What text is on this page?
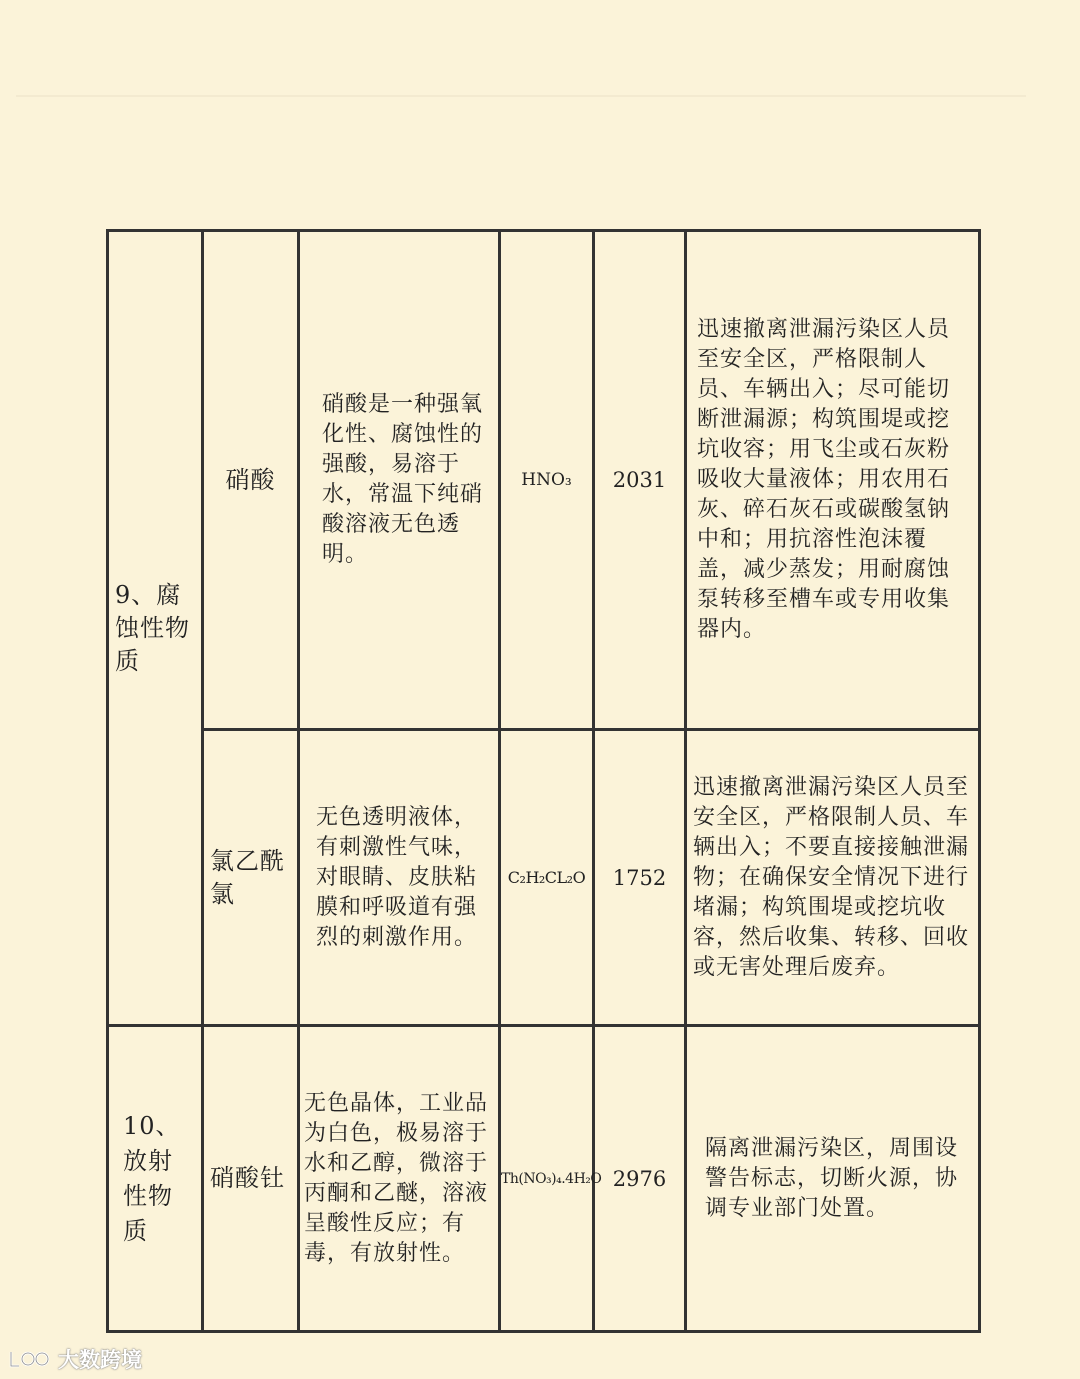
9、腐蚀性物质	硝酸	硝酸是一种强氧化性、腐蚀性的强酸，易溶于水，常温下纯硝酸溶液无色透明。	HNO₃	2031	迅速撤离泄漏污染区人员至安全区，严格限制人员、车辆出入；尽可能切断泄漏源；构筑围堤或挖坑收容；用飞尘或石灰粉吸收大量液体；用农用石灰、碎石灰石或碳酸氢钠中和；用抗溶性泡沫覆盖，减少蒸发；用耐腐蚀泵转移至槽车或专用收集器内。

	氯乙酰氯	无色透明液体，有刺激性气味，对眼睛、皮肤粘膜和呼吸道有强烈的刺激作用。	C₂H₂CL₂O	1752	迅速撤离泄漏污染区人员至安全区，严格限制人员、车辆出入；不要直接接触泄漏物；在确保安全情况下进行堵漏；构筑围堤或挖坑收容，然后收集、转移、回收或无害处理后废弃。

10、放射性物质	硝酸钍	无色晶体，工业品为白色，极易溶于水和乙醇，微溶于丙酮和乙醚，溶液呈酸性反应；有毒，有放射性。	Th(NO₃)₄.4H₂O	2976	隔离泄漏污染区，周围设警告标志，切断火源，协调专业部门处置。
大数跨境
